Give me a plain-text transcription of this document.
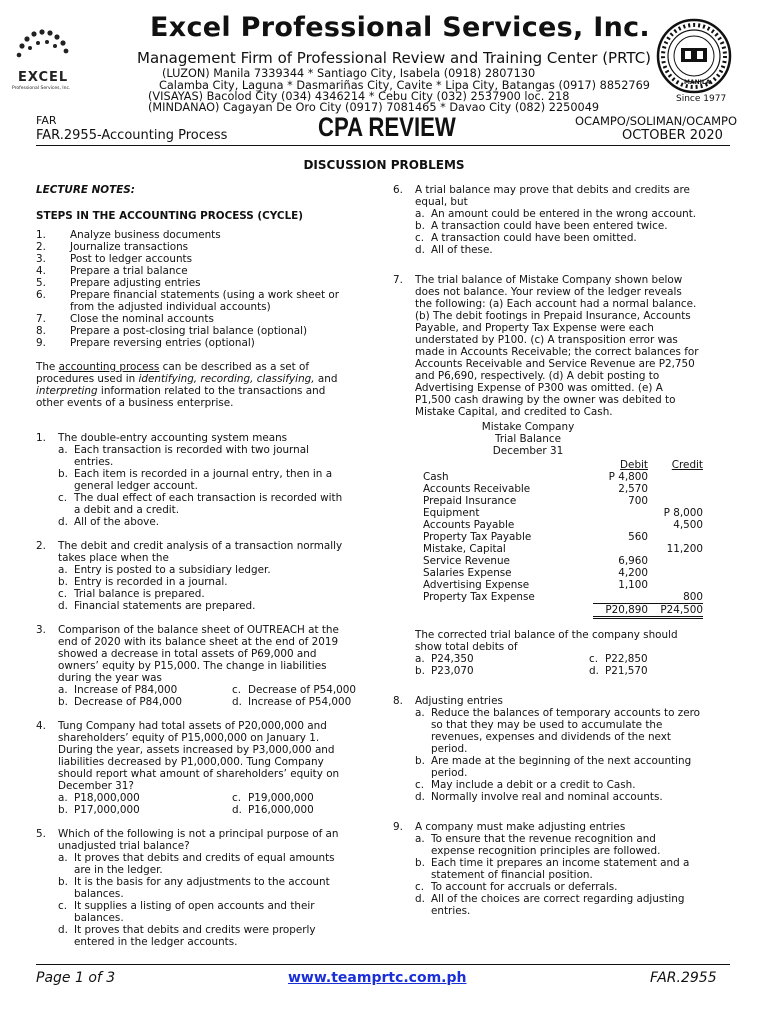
EXCEL
Professional Services, Inc.
Excel Professional Services, Inc.
Management Firm of Professional Review and Training Center (PRTC)
(LUZON) Manila 7339344 * Santiago City, Isabela (0918) 2807130
Calamba City, Laguna * Dasmariñas City, Cavite * Lipa City, Batangas (0917) 8852769
(VISAYAS) Bacolod City (034) 4346214 * Cebu City (032) 2537900 loc. 218
(MINDANAO) Cagayan De Oro City (0917) 7081465 * Davao City (082) 2250049
MANILA
Since 1977
FAR
FAR.2955-Accounting Process	CPA REVIEW	OCAMPO/SOLIMAN/OCAMPO
OCTOBER 2020
DISCUSSION PROBLEMS
LECTURE NOTES:
STEPS IN THE ACCOUNTING PROCESS (CYCLE)
1.	Analyze business documents
2.	Journalize transactions
3.	Post to ledger accounts
4.	Prepare a trial balance
5.	Prepare adjusting entries
6.	Prepare financial statements (using a work sheet or
from the adjusted individual accounts)
7.	Close the nominal accounts
8.	Prepare a post-closing trial balance (optional)
9.	Prepare reversing entries (optional)
The accounting process can be described as a set of
procedures used in identifying, recording, classifying, and
interpreting information related to the transactions and
other events of a business enterprise.
1.	The double-entry accounting system means
a. Each transaction is recorded with two journal
entries.
b. Each item is recorded in a journal entry, then in a
general ledger account.
c. The dual effect of each transaction is recorded with
a debit and a credit.
d. All of the above.
2.	The debit and credit analysis of a transaction normally
takes place when the
a. Entry is posted to a subsidiary ledger.
b. Entry is recorded in a journal.
c. Trial balance is prepared.
d. Financial statements are prepared.
3.	Comparison of the balance sheet of OUTREACH at the
end of 2020 with its balance sheet at the end of 2019
showed a decrease in total assets of P69,000 and
owners’ equity by P15,000. The change in liabilities
during the year was
a. Increase of P84,000	c. Decrease of P54,000
b. Decrease of P84,000	d. Increase of P54,000
4.	Tung Company had total assets of P20,000,000 and
shareholders’ equity of P15,000,000 on January 1.
During the year, assets increased by P3,000,000 and
liabilities decreased by P1,000,000. Tung Company
should report what amount of shareholders’ equity on
December 31?
a. P18,000,000	c. P19,000,000
b. P17,000,000	d. P16,000,000
5.	Which of the following is not a principal purpose of an
unadjusted trial balance?
a. It proves that debits and credits of equal amounts
are in the ledger.
b. It is the basis for any adjustments to the account
balances.
c. It supplies a listing of open accounts and their
balances.
d. It proves that debits and credits were properly
entered in the ledger accounts.
6.	A trial balance may prove that debits and credits are
equal, but
a. An amount could be entered in the wrong account.
b. A transaction could have been entered twice.
c. A transaction could have been omitted.
d. All of these.
7.	The trial balance of Mistake Company shown below
does not balance. Your review of the ledger reveals
the following: (a) Each account had a normal balance.
(b) The debit footings in Prepaid Insurance, Accounts
Payable, and Property Tax Expense were each
understated by P100. (c) A transposition error was
made in Accounts Receivable; the correct balances for
Accounts Receivable and Service Revenue are P2,750
and P6,690, respectively. (d) A debit posting to
Advertising Expense of P300 was omitted. (e) A
P1,500 cash drawing by the owner was debited to
Mistake Capital, and credited to Cash.
Mistake Company
Trial Balance
December 31
	Debit	Credit
Cash	P 4,800	
Accounts Receivable	2,570	
Prepaid Insurance	700	
Equipment		P 8,000
Accounts Payable		4,500
Property Tax Payable	560	
Mistake, Capital		11,200
Service Revenue	6,960	
Salaries Expense	4,200	
Advertising Expense	1,100	
Property Tax Expense		800
	P20,890	P24,500
The corrected trial balance of the company should
show total debits of
a. P24,350	c. P22,850
b. P23,070	d. P21,570
8.	Adjusting entries
a. Reduce the balances of temporary accounts to zero
so that they may be used to accumulate the
revenues, expenses and dividends of the next
period.
b. Are made at the beginning of the next accounting
period.
c. May include a debit or a credit to Cash.
d. Normally involve real and nominal accounts.
9.	A company must make adjusting entries
a. To ensure that the revenue recognition and
expense recognition principles are followed.
b. Each time it prepares an income statement and a
statement of financial position.
c. To account for accruals or deferrals.
d. All of the choices are correct regarding adjusting
entries.
Page 1 of 3	www.teamprtc.com.ph	FAR.2955
